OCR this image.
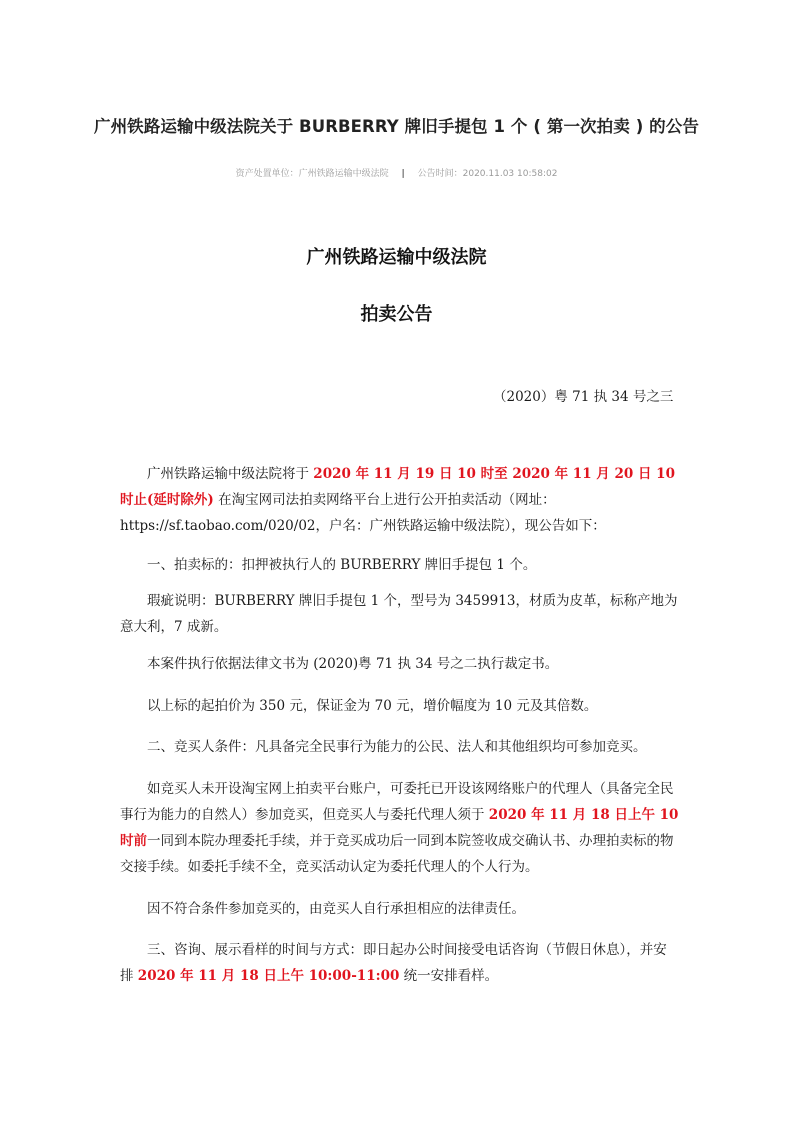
广州铁路运输中级法院关于 BURBERRY 牌旧手提包 1 个 ( 第一次拍卖 ) 的公告
资产处置单位：广州铁路运输中级法院 | 公告时间：2020.11.03 10:58:02
广州铁路运输中级法院
拍卖公告
（2020）粤 71 执 34 号之三

广州铁路运输中级法院将于 2020 年 11 月 19 日 10 时至 2020 年 11 月 20 日 10 时止(延时除外) 在淘宝网司法拍卖网络平台上进行公开拍卖活动（网址：https://sf.taobao.com/020/02，户名：广州铁路运输中级法院），现公告如下：

一、拍卖标的：扣押被执行人的 BURBERRY 牌旧手提包 1 个。

瑕疵说明：BURBERRY 牌旧手提包 1 个，型号为 3459913，材质为皮革，标称产地为意大利，7 成新。

本案件执行依据法律文书为 (2020)粤 71 执 34 号之二执行裁定书。

以上标的起拍价为 350 元，保证金为 70 元，增价幅度为 10 元及其倍数。

二、竞买人条件：凡具备完全民事行为能力的公民、法人和其他组织均可参加竞买。

如竞买人未开设淘宝网上拍卖平台账户，可委托已开设该网络账户的代理人（具备完全民事行为能力的自然人）参加竞买，但竞买人与委托代理人须于 2020 年 11 月 18 日上午 10 时前一同到本院办理委托手续，并于竞买成功后一同到本院签收成交确认书、办理拍卖标的物交接手续。如委托手续不全，竞买活动认定为委托代理人的个人行为。

因不符合条件参加竞买的，由竞买人自行承担相应的法律责任。

三、咨询、展示看样的时间与方式：即日起办公时间接受电话咨询（节假日休息），并安排 2020 年 11 月 18 日上午 10:00-11:00 统一安排看样。
